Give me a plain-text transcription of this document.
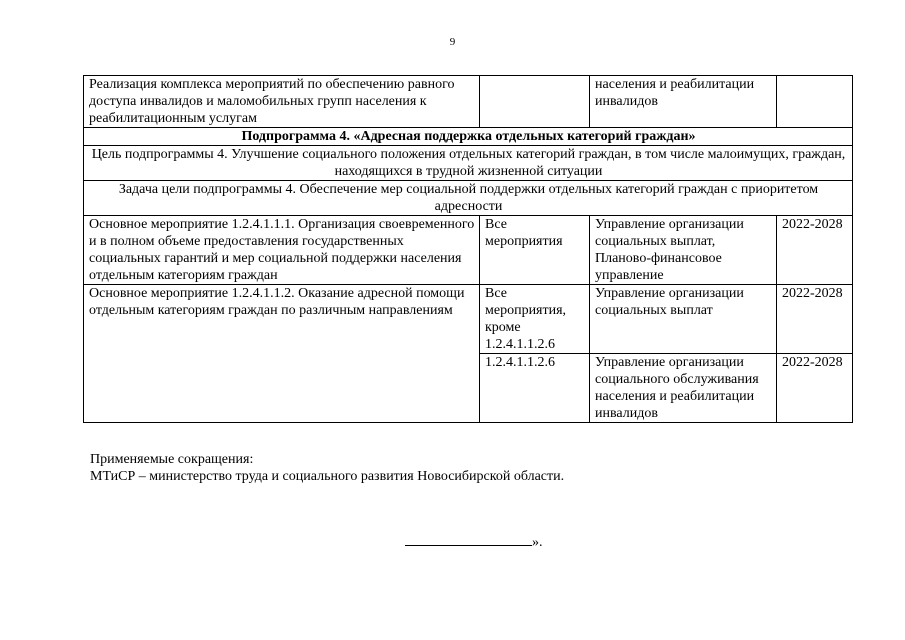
9
Реализация комплекса мероприятий по обеспечению равного доступа инвалидов и маломобильных групп населения к реабилитационным услугам		населения и реабилитации инвалидов	
Подпрограмма 4. «Адресная поддержка отдельных категорий граждан»			
Цель подпрограммы 4. Улучшение социального положения отдельных категорий граждан, в том числе малоимущих, граждан, находящихся в трудной жизненной ситуации			
Задача цели подпрограммы 4. Обеспечение мер социальной поддержки отдельных категорий граждан с приоритетом адресности			
Основное мероприятие 1.2.4.1.1.1. Организация своевременного и в полном объеме предоставления государственных социальных гарантий и мер социальной поддержки населения отдельным категориям граждан	Все мероприятия	Управление организации социальных выплат, Планово-финансовое управление	2022-2028
Основное мероприятие 1.2.4.1.1.2. Оказание адресной помощи отдельным категориям граждан по различным направлениям	Все мероприятия, кроме 1.2.4.1.1.2.6	Управление организации социальных выплат	2022-2028
	1.2.4.1.1.2.6	Управление организации социального обслуживания населения и реабилитации инвалидов	2022-2028
Применяемые сокращения:
МТиСР – министерство труда и социального развития Новосибирской области.
».
